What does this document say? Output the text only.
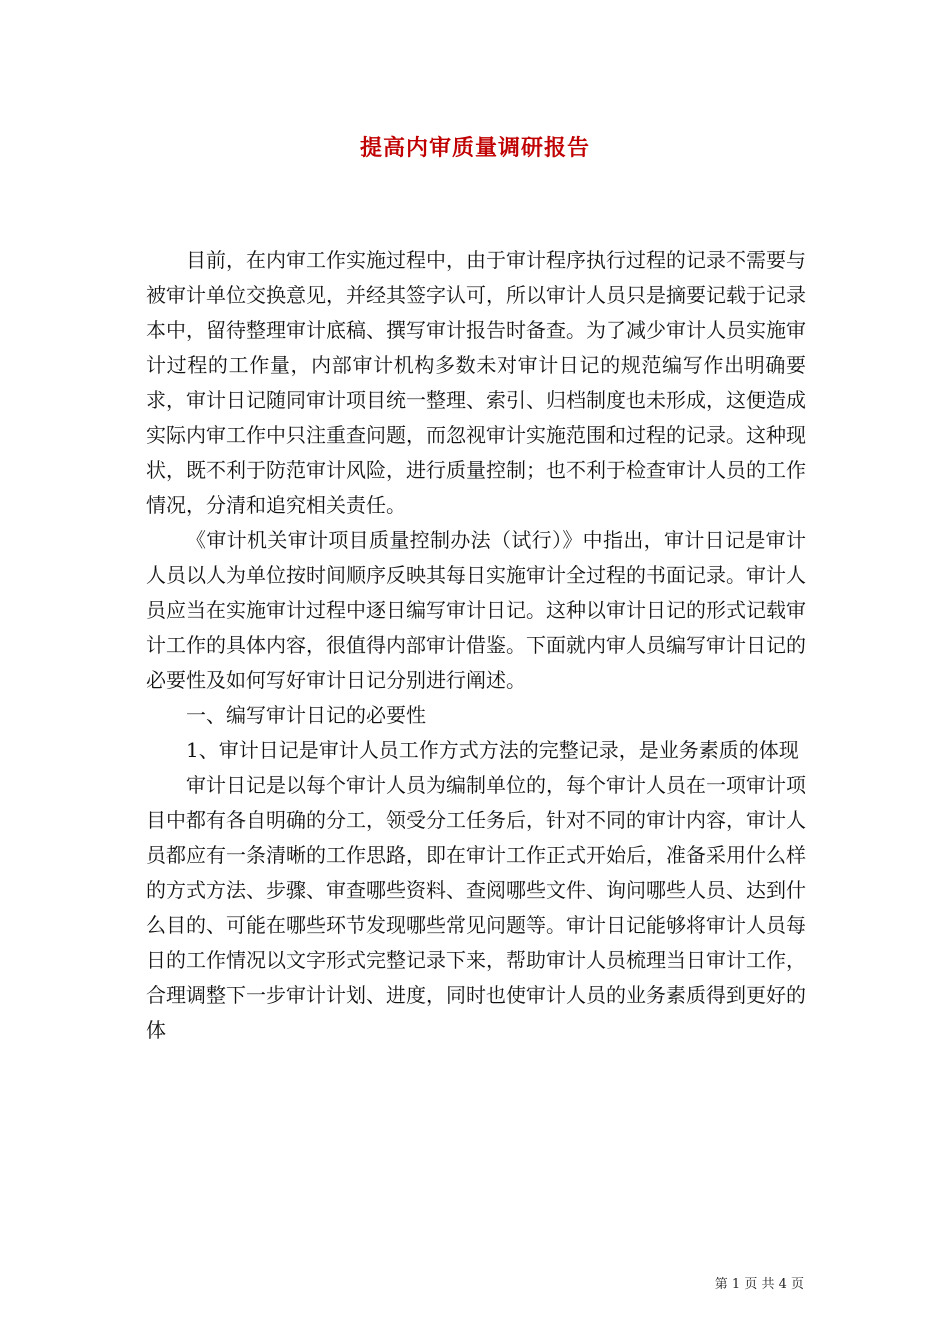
提高内审质量调研报告

目前，在内审工作实施过程中，由于审计程序执行过程的记录不需要与被审计单位交换意见，并经其签字认可，所以审计人员只是摘要记载于记录本中，留待整理审计底稿、撰写审计报告时备查。为了减少审计人员实施审计过程的工作量，内部审计机构多数未对审计日记的规范编写作出明确要求，审计日记随同审计项目统一整理、索引、归档制度也未形成，这便造成实际内审工作中只注重查问题，而忽视审计实施范围和过程的记录。这种现状，既不利于防范审计风险，进行质量控制；也不利于检查审计人员的工作情况，分清和追究相关责任。

《审计机关审计项目质量控制办法（试行）》中指出，审计日记是审计人员以人为单位按时间顺序反映其每日实施审计全过程的书面记录。审计人员应当在实施审计过程中逐日编写审计日记。这种以审计日记的形式记载审计工作的具体内容，很值得内部审计借鉴。下面就内审人员编写审计日记的必要性及如何写好审计日记分别进行阐述。

一、编写审计日记的必要性

1、审计日记是审计人员工作方式方法的完整记录，是业务素质的体现

审计日记是以每个审计人员为编制单位的，每个审计人员在一项审计项目中都有各自明确的分工，领受分工任务后，针对不同的审计内容，审计人员都应有一条清晰的工作思路，即在审计工作正式开始后，准备采用什么样的方式方法、步骤、审查哪些资料、查阅哪些文件、询问哪些人员、达到什么目的、可能在哪些环节发现哪些常见问题等。审计日记能够将审计人员每日的工作情况以文字形式完整记录下来，帮助审计人员梳理当日审计工作，合理调整下一步审计计划、进度，同时也使审计人员的业务素质得到更好的体

第 1 页 共 4 页
